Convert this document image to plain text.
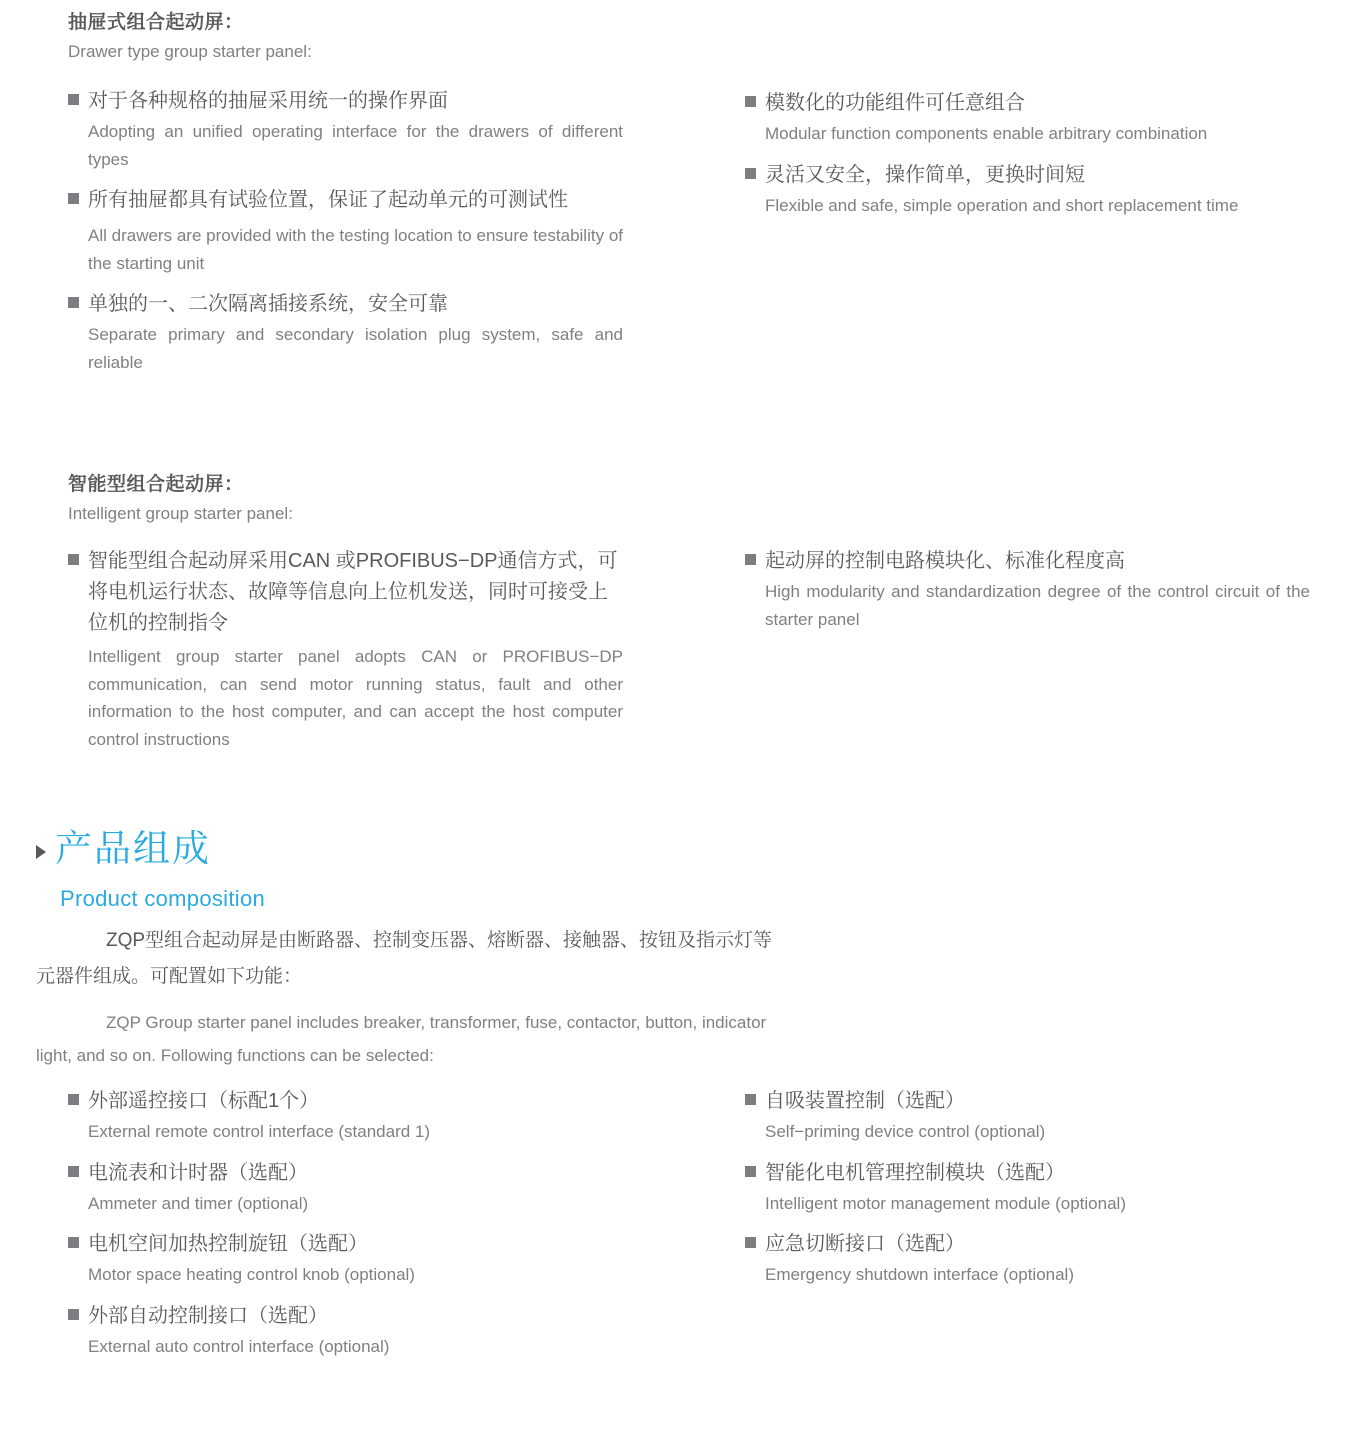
抽屉式组合起动屏：
Drawer type group starter panel:
对于各种规格的抽屉采用统一的操作界面
Adopting an unified operating interface for the drawers of different types
所有抽屉都具有试验位置，保证了起动单元的可测试性
All drawers are provided with the testing location to ensure testability of the starting unit
单独的一、二次隔离插接系统，安全可靠
Separate primary and secondary isolation plug system, safe and reliable
模数化的功能组件可任意组合
Modular function components enable arbitrary combination
灵活又安全，操作简单，更换时间短
Flexible and safe, simple operation and short replacement time
智能型组合起动屏：
Intelligent group starter panel:
智能型组合起动屏采用CAN 或PROFIBUS−DP通信方式，可将电机运行状态、故障等信息向上位机发送，同时可接受上位机的控制指令
Intelligent group starter panel adopts CAN or PROFIBUS−DP communication, can send motor running status, fault and other information to the host computer, and can accept the host computer control instructions
起动屏的控制电路模块化、标准化程度高
High modularity and standardization degree of the control circuit of the starter panel
产品组成
Product composition
ZQP型组合起动屏是由断路器、控制变压器、熔断器、接触器、按钮及指示灯等
元器件组成。可配置如下功能：
ZQP Group starter panel includes breaker, transformer, fuse, contactor, button, indicator
light, and so on. Following functions can be selected:
外部遥控接口（标配1个）
External remote control interface (standard 1)
电流表和计时器（选配）
Ammeter and timer (optional)
电机空间加热控制旋钮（选配）
Motor space heating control knob (optional)
外部自动控制接口（选配）
External auto control interface (optional)
自吸装置控制（选配）
Self−priming device control (optional)
智能化电机管理控制模块（选配）
Intelligent motor management module (optional)
应急切断接口（选配）
Emergency shutdown interface (optional)
